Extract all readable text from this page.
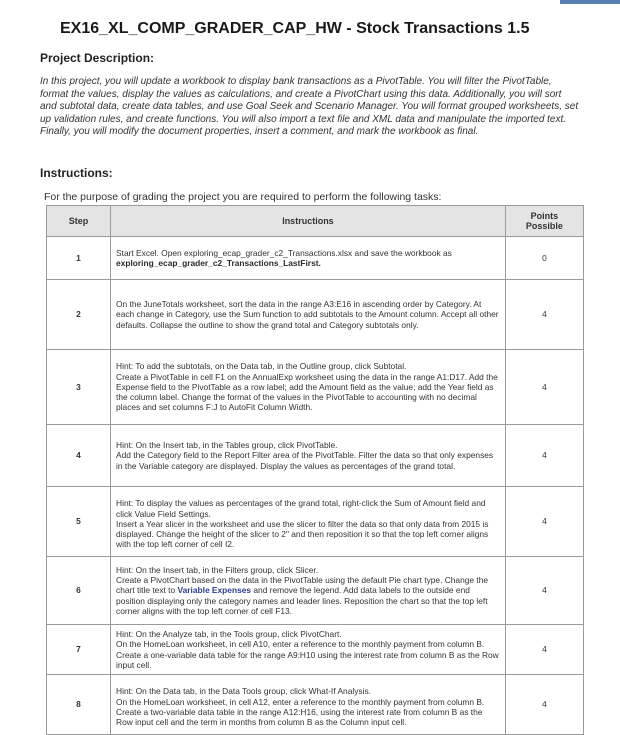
EX16_XL_COMP_GRADER_CAP_HW - Stock Transactions 1.5
Project Description:
In this project, you will update a workbook to display bank transactions as a PivotTable. You will filter the PivotTable, format the values, display the values as calculations, and create a PivotChart using this data. Additionally, you will sort and subtotal data, create data tables, and use Goal Seek and Scenario Manager. You will format grouped worksheets, set up validation rules, and create functions. You will also import a text file and XML data and manipulate the imported text. Finally, you will modify the document properties, insert a comment, and mark the workbook as final.
Instructions:
For the purpose of grading the project you are required to perform the following tasks:
Step	Instructions	Points
Possible
1	Start Excel. Open exploring_ecap_grader_c2_Transactions.xlsx and save the workbook as exploring_ecap_grader_c2_Transactions_LastFirst.	0
2	On the JuneTotals worksheet, sort the data in the range A3:E16 in ascending order by Category. At each change in Category, use the Sum function to add subtotals to the Amount column. Accept all other defaults. Collapse the outline to show the grand total and Category subtotals only.	4
3	Hint: To add the subtotals, on the Data tab, in the Outline group, click Subtotal.

Create a PivotTable in cell F1 on the AnnualExp worksheet using the data in the range A1:D17. Add the Expense field to the PivotTable as a row label; add the Amount field as the value; add the Year field as the column label. Change the format of the values in the PivotTable to accounting with no decimal places and set columns F:J to AutoFit Column Width.	4
4	Hint: On the Insert tab, in the Tables group, click PivotTable.

Add the Category field to the Report Filter area of the PivotTable. Filter the data so that only expenses in the Variable category are displayed. Display the values as percentages of the grand total.	4
5	Hint: To display the values as percentages of the grand total, right-click the Sum of Amount field and click Value Field Settings.

Insert a Year slicer in the worksheet and use the slicer to filter the data so that only data from 2015 is displayed. Change the height of the slicer to 2" and then reposition it so that the top left corner aligns with the top left corner of cell I2.	4
6	Hint: On the Insert tab, in the Filters group, click Slicer.

Create a PivotChart based on the data in the PivotTable using the default Pie chart type. Change the chart title text to Variable Expenses and remove the legend. Add data labels to the outside end position displaying only the category names and leader lines. Reposition the chart so that the top left corner aligns with the top left corner of cell F13.	4
7	Hint: On the Analyze tab, in the Tools group, click PivotChart.

On the HomeLoan worksheet, in cell A10, enter a reference to the monthly payment from column B. Create a one-variable data table for the range A9:H10 using the interest rate from column B as the Row input cell.	4
8	Hint: On the Data tab, in the Data Tools group, click What-If Analysis.

On the HomeLoan worksheet, in cell A12, enter a reference to the monthly payment from column B. Create a two-variable data table in the range A12:H16, using the interest rate from column B as the Row input cell and the term in months from column B as the Column input cell.	4
